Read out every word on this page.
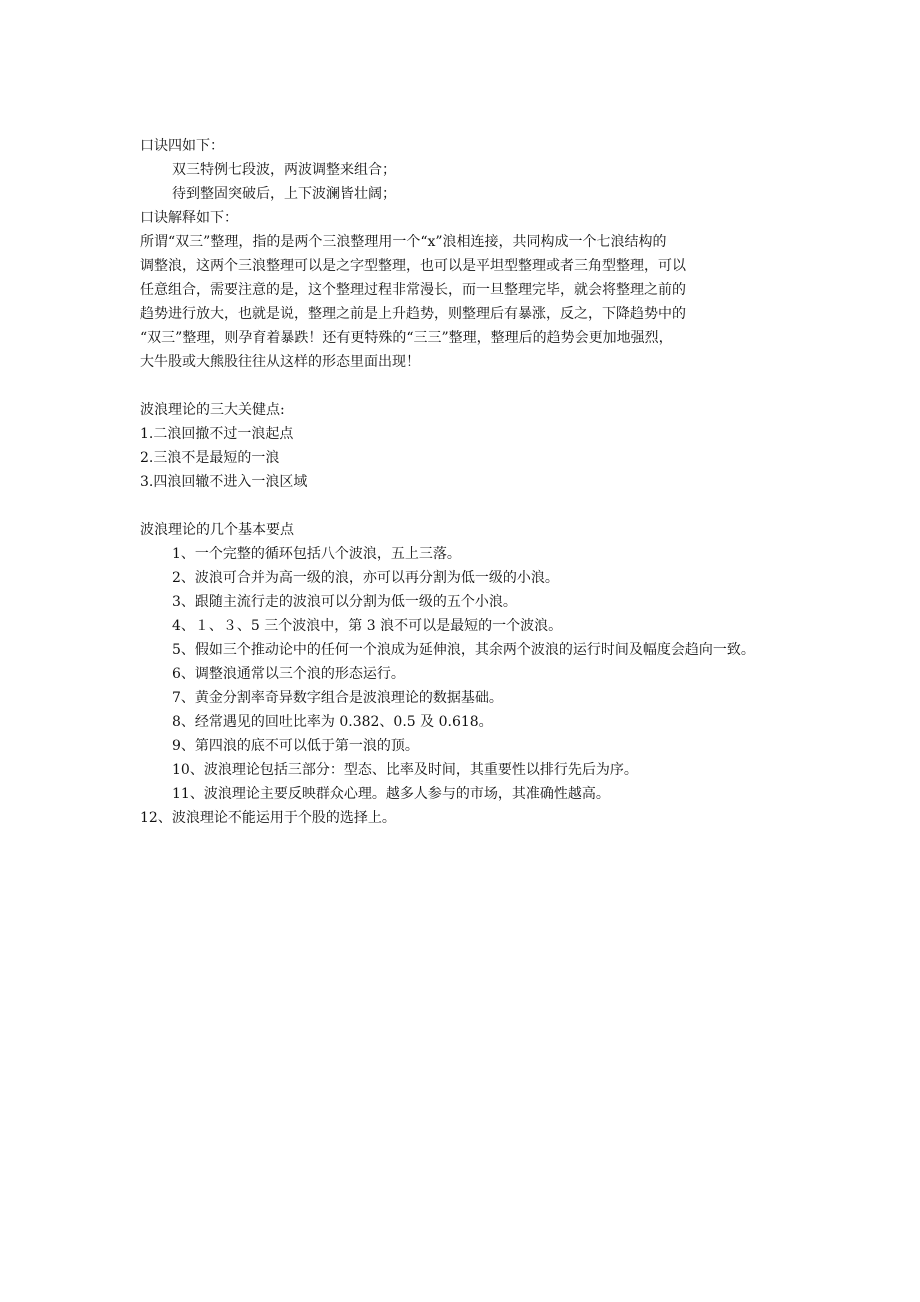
口诀四如下：
双三特例七段波，两波调整来组合；
待到整固突破后，上下波澜皆壮阔；
口诀解释如下：
所谓“双三”整理，指的是两个三浪整理用一个“x”浪相连接，共同构成一个七浪结构的
调整浪，这两个三浪整理可以是之字型整理，也可以是平坦型整理或者三角型整理，可以
任意组合，需要注意的是，这个整理过程非常漫长，而一旦整理完毕，就会将整理之前的
趋势进行放大，也就是说，整理之前是上升趋势，则整理后有暴涨，反之，下降趋势中的
“双三”整理，则孕育着暴跌！还有更特殊的“三三”整理，整理后的趋势会更加地强烈，
大牛股或大熊股往往从这样的形态里面出现！
波浪理论的三大关健点:
1.二浪回撤不过一浪起点
2.三浪不是最短的一浪
3.四浪回辙不进入一浪区域
波浪理论的几个基本要点
1、一个完整的循环包括八个波浪，五上三落。
2、波浪可合并为高一级的浪，亦可以再分割为低一级的小浪。
3、跟随主流行走的波浪可以分割为低一级的五个小浪。
4、１、３、5 三个波浪中，第 3 浪不可以是最短的一个波浪。
5、假如三个推动论中的任何一个浪成为延伸浪，其余两个波浪的运行时间及幅度会趋向一致。
6、调整浪通常以三个浪的形态运行。
7、黄金分割率奇异数字组合是波浪理论的数据基础。
8、经常遇见的回吐比率为 0.382、0.5 及 0.618。
9、第四浪的底不可以低于第一浪的顶。
10、波浪理论包括三部分：型态、比率及时间，其重要性以排行先后为序。
11、波浪理论主要反映群众心理。越多人参与的市场，其准确性越高。
12、波浪理论不能运用于个股的选择上。
